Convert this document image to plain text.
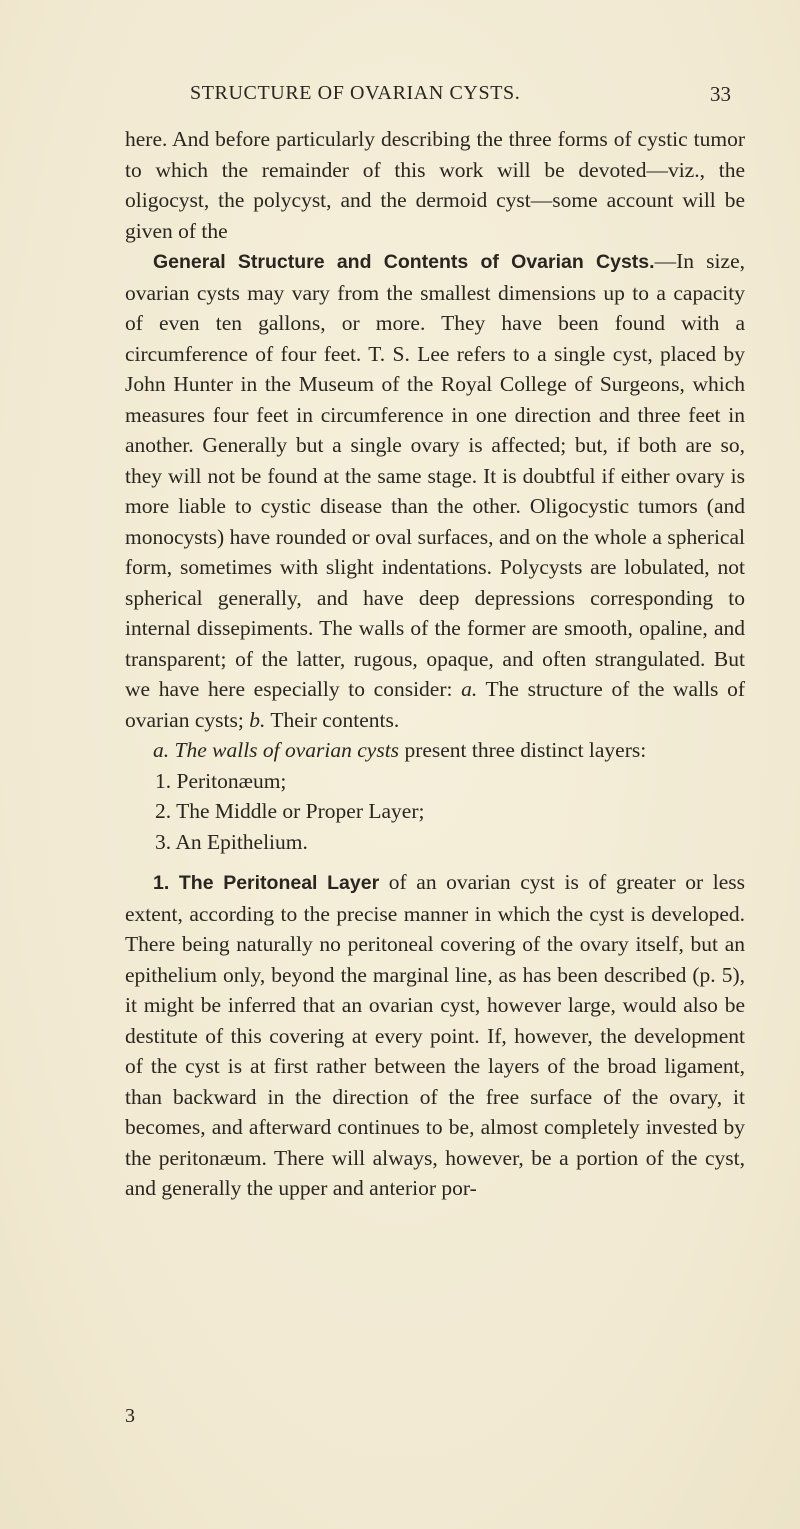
STRUCTURE OF OVARIAN CYSTS.	33

here. And before particularly describing the three forms of cystic tumor to which the remainder of this work will be devoted—viz., the oligocyst, the polycyst, and the dermoid cyst—some account will be given of the

General Structure and Contents of Ovarian Cysts.—In size, ovarian cysts may vary from the smallest dimensions up to a capacity of even ten gallons, or more. They have been found with a circumference of four feet. T. S. Lee refers to a single cyst, placed by John Hunter in the Museum of the Royal College of Surgeons, which measures four feet in circumference in one direction and three feet in another. Generally but a single ovary is affected; but, if both are so, they will not be found at the same stage. It is doubtful if either ovary is more liable to cystic disease than the other. Oligocystic tumors (and monocysts) have rounded or oval surfaces, and on the whole a spherical form, sometimes with slight indentations. Polycysts are lobulated, not spherical generally, and have deep depressions corresponding to internal dissepiments. The walls of the former are smooth, opaline, and transparent; of the latter, rugous, opaque, and often strangulated. But we have here especially to consider: a. The structure of the walls of ovarian cysts; b. Their contents.

a. The walls of ovarian cysts present three distinct layers:

1. Peritonæum;
2. The Middle or Proper Layer;
3. An Epithelium.

1. The Peritoneal Layer of an ovarian cyst is of greater or less extent, according to the precise manner in which the cyst is developed. There being naturally no peritoneal covering of the ovary itself, but an epithelium only, beyond the marginal line, as has been described (p. 5), it might be inferred that an ovarian cyst, however large, would also be destitute of this covering at every point. If, however, the development of the cyst is at first rather between the layers of the broad ligament, than backward in the direction of the free surface of the ovary, it becomes, and afterward continues to be, almost completely invested by the peritonæum. There will always, however, be a portion of the cyst, and generally the upper and anterior por-

3
